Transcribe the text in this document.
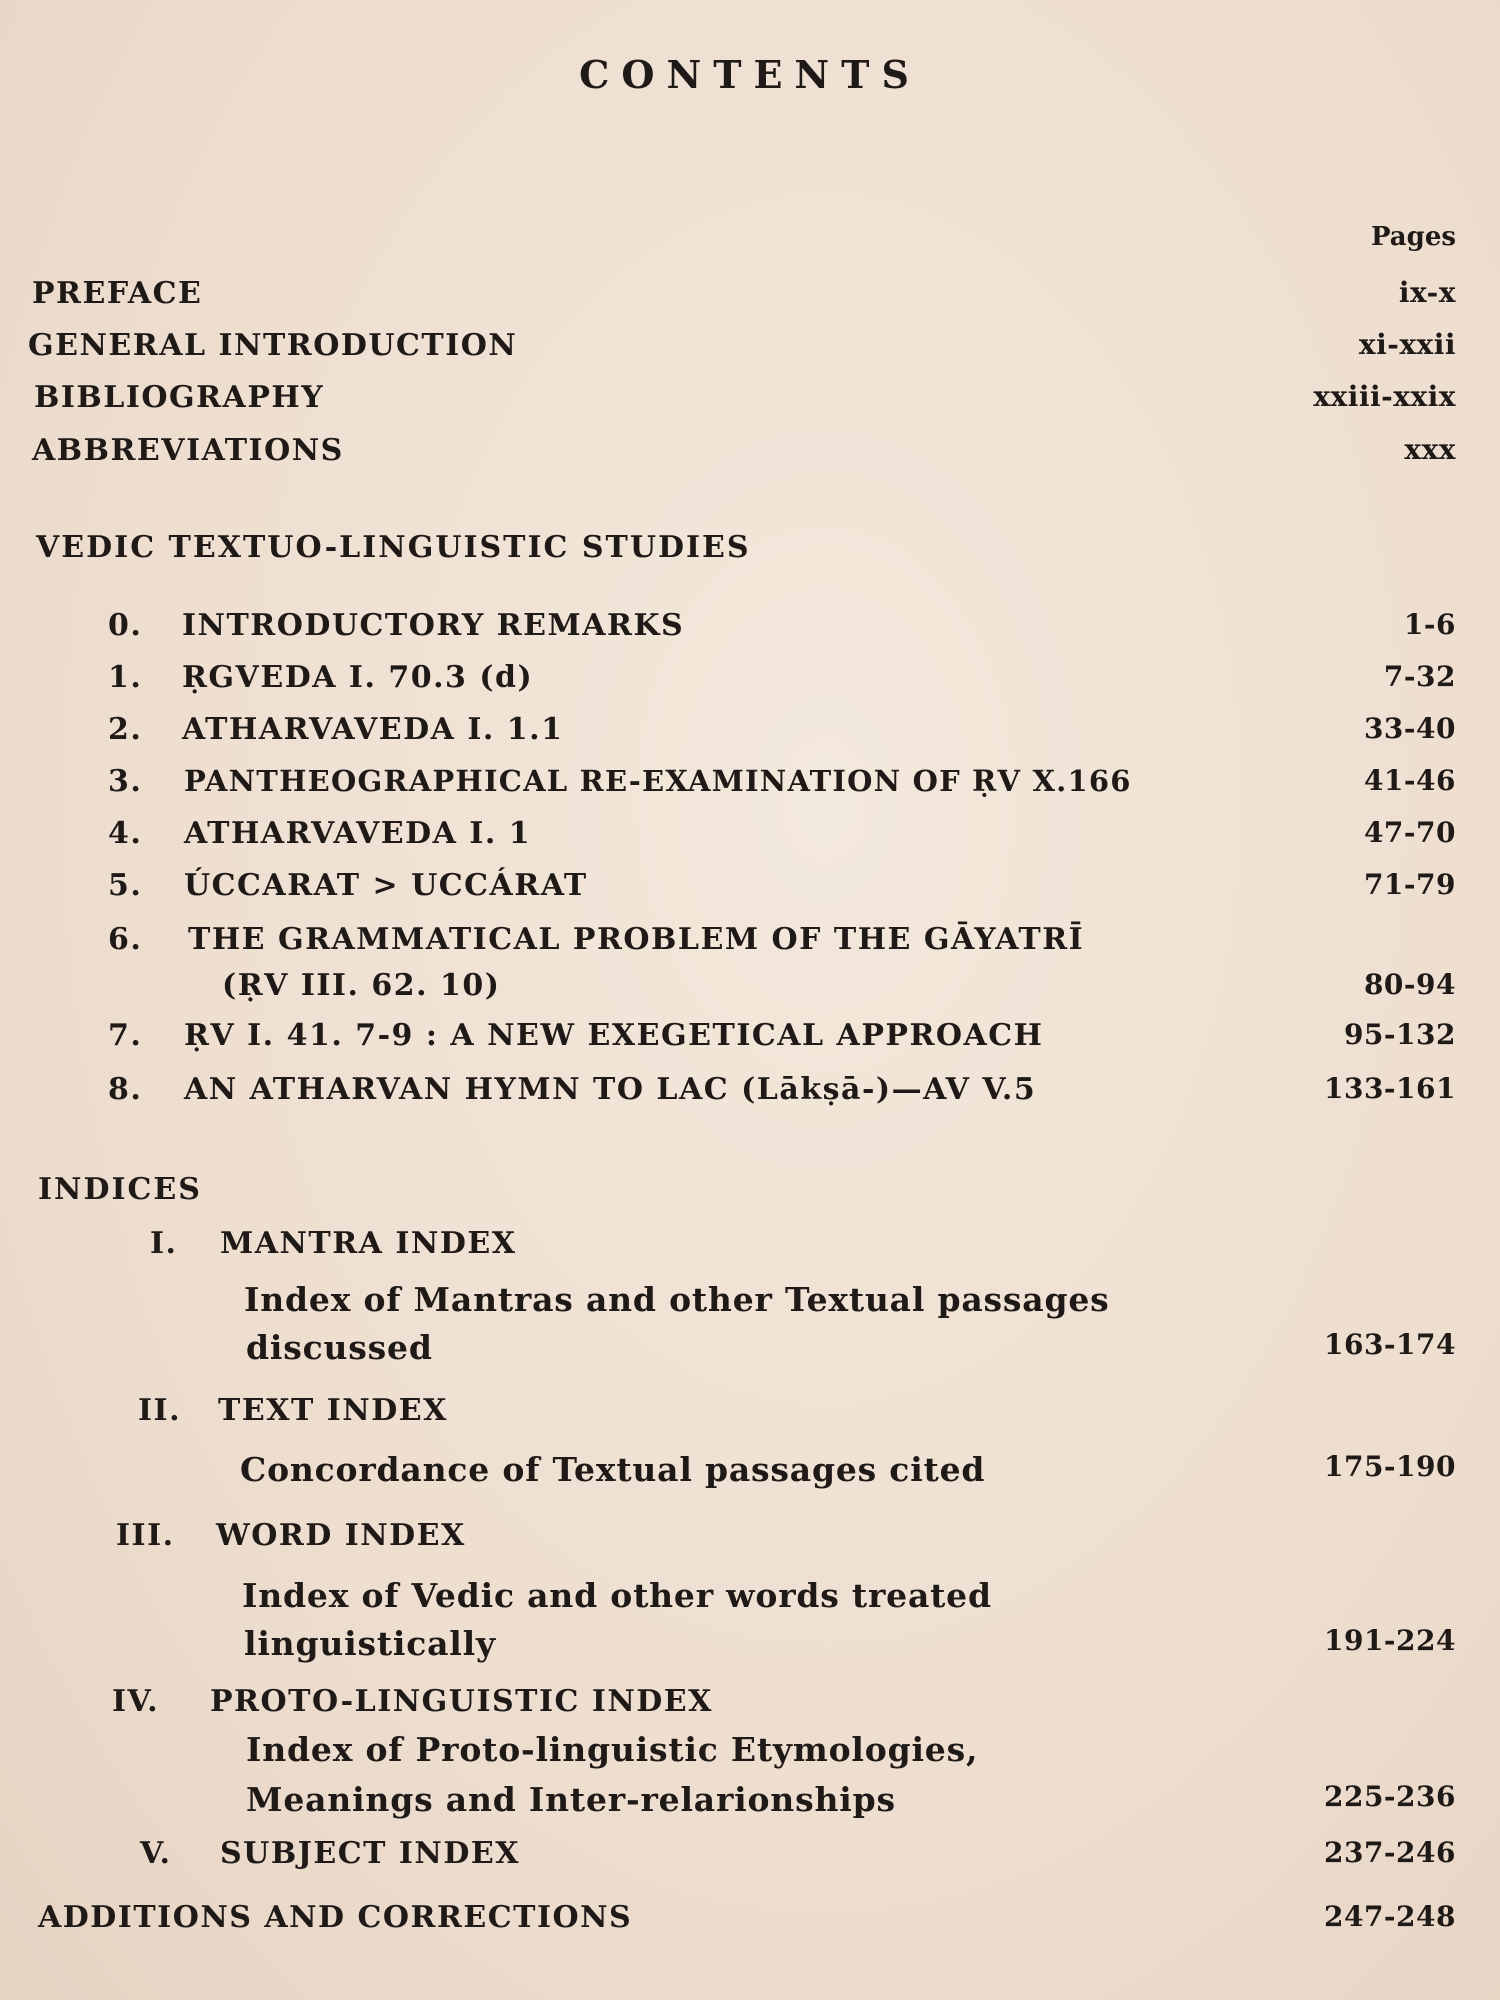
CONTENTS
Pages
PREFACE	ix-x
GENERAL INTRODUCTION	xi-xxii
BIBLIOGRAPHY	xxiii-xxix
ABBREVIATIONS	xxx
VEDIC TEXTUO-LINGUISTIC STUDIES
0. INTRODUCTORY REMARKS	1-6
1. ṚGVEDA I. 70.3 (d)	7-32
2. ATHARVAVEDA I. 1.1	33-40
3. PANTHEOGRAPHICAL RE-EXAMINATION OF ṚV X.166	41-46
4. ATHARVAVEDA I. 1	47-70
5. ÚCCARAT > UCCÁRAT	71-79
6. THE GRAMMATICAL PROBLEM OF THE GĀYATRĪ
(ṚV III. 62. 10)	80-94
7. ṚV I. 41. 7-9 : A NEW EXEGETICAL APPROACH	95-132
8. AN ATHARVAN HYMN TO LAC (Lākṣā-)—AV V.5	133-161
INDICES
I. MANTRA INDEX
Index of Mantras and other Textual passages
discussed	163-174
II. TEXT INDEX
Concordance of Textual passages cited	175-190
III. WORD INDEX
Index of Vedic and other words treated
linguistically	191-224
IV. PROTO-LINGUISTIC INDEX
Index of Proto-linguistic Etymologies,
Meanings and Inter-relarionships	225-236
V. SUBJECT INDEX	237-246
ADDITIONS AND CORRECTIONS	247-248
